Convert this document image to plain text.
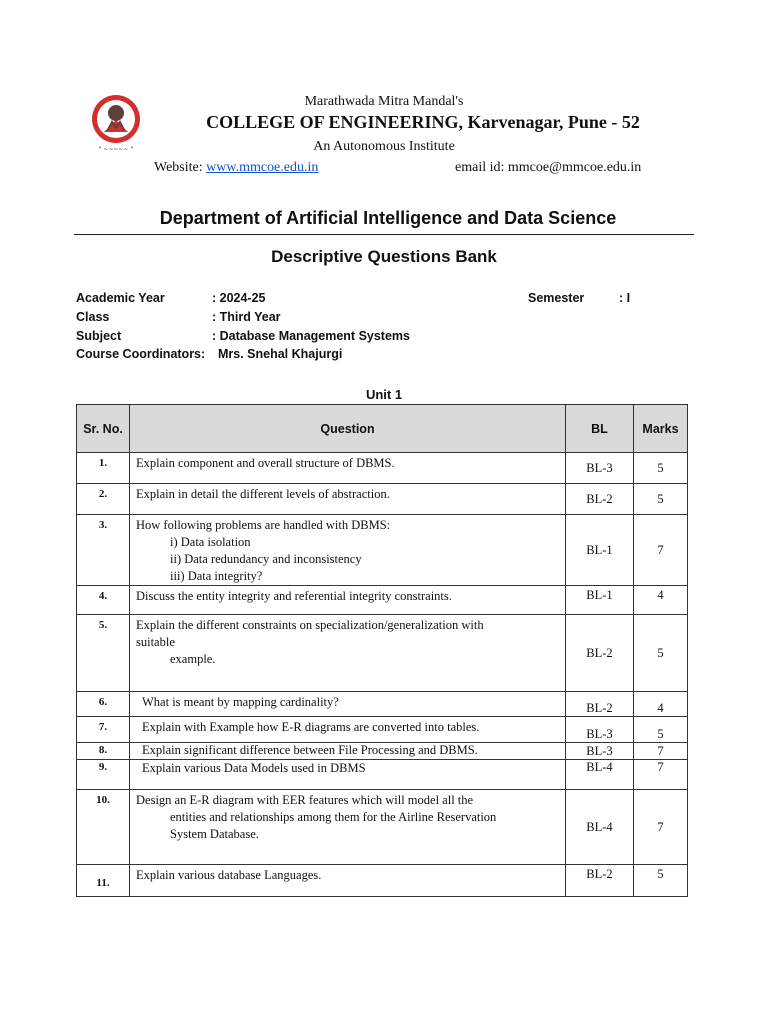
" ~~~~~ "
Marathwada Mitra Mandal's
COLLEGE OF ENGINEERING, Karvenagar, Pune - 52
An Autonomous Institute
Website: www.mmcoe.edu.in	email id: mmcoe@mmcoe.edu.in
Department of Artificial Intelligence and Data Science
Descriptive Questions Bank
Academic Year	: 2024-25
Class	: Third Year
Subject	: Database Management Systems
Course Coordinators: Mrs. Snehal Khajurgi
Semester	: I
Unit 1
Sr. No.	Question	BL	Marks
1.	Explain component and overall structure of DBMS.	BL-3	5
2.	Explain in detail the different levels of abstraction.	BL-2	5
3.	How following problems are handled with DBMS:
i) Data isolation
ii) Data redundancy and inconsistency
iii) Data integrity?	BL-1	7
4.	Discuss the entity integrity and referential integrity constraints.	BL-1	4
5.	Explain the different constraints on specialization/generalization with
suitable
example.	BL-2	5
6.	What is meant by mapping cardinality?	BL-2	4
7.	Explain with Example how E-R diagrams are converted into tables.	BL-3	5
8.	Explain significant difference between File Processing and DBMS.	BL-3	7
9.	Explain various Data Models used in DBMS	BL-4	7
10.	Design an E-R diagram with EER features which will model all the
entities and relationships among them for the Airline Reservation
System Database.	BL-4	7
11.	Explain various database Languages.	BL-2	5
